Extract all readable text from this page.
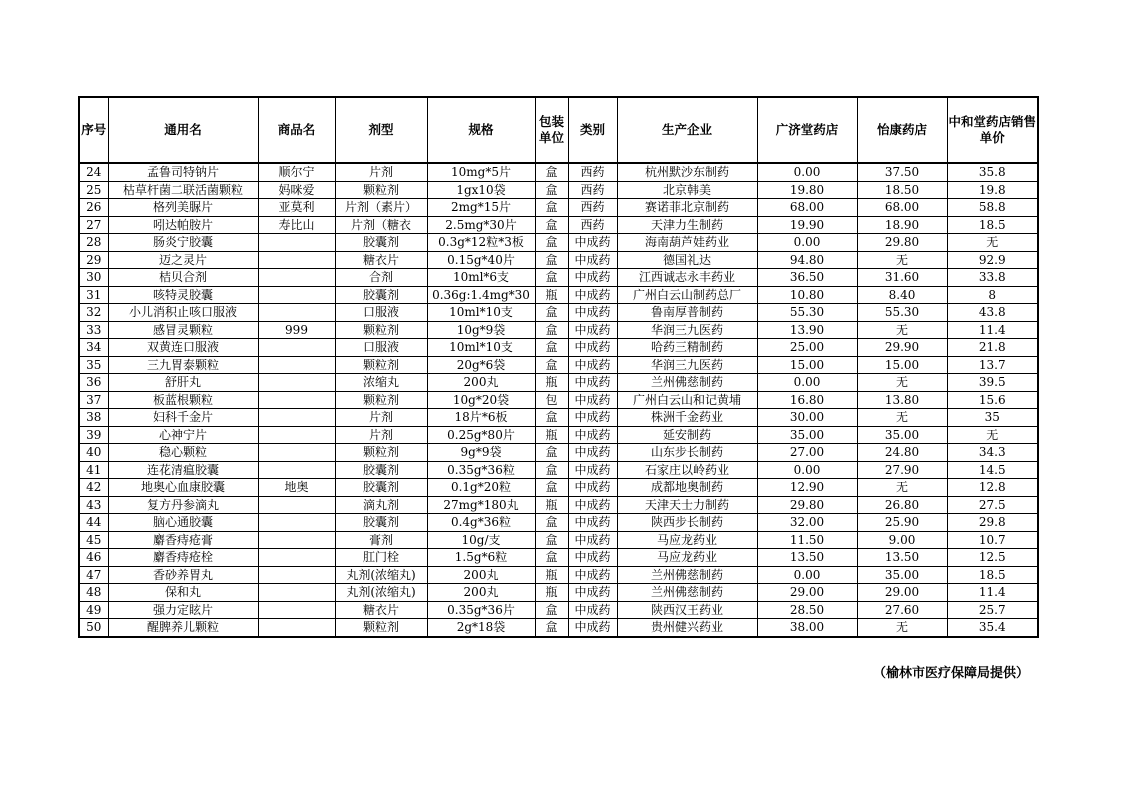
序号	通用名	商品名	剂型	规格	包装单位	类别	生产企业	广济堂药店	怡康药店	中和堂药店销售单价
24	孟鲁司特钠片	顺尔宁	片剂	10mg*5片	盒	西药	杭州默沙东制药	0.00	37.50	35.8
25	枯草杆菌二联活菌颗粒	妈咪爱	颗粒剂	1gx10袋	盒	西药	北京韩美	19.80	18.50	19.8
26	格列美脲片	亚莫利	片剂（素片）	2mg*15片	盒	西药	赛诺菲北京制药	68.00	68.00	58.8
27	吲达帕胺片	寿比山	片剂（糖衣	2.5mg*30片	盒	西药	天津力生制药	19.90	18.90	18.5
28	肠炎宁胶囊		胶囊剂	0.3g*12粒*3板	盒	中成药	海南葫芦娃药业	0.00	29.80	无
29	迈之灵片		糖衣片	0.15g*40片	盒	中成药	德国礼达	94.80	无	92.9
30	桔贝合剂		合剂	10ml*6支	盒	中成药	江西诚志永丰药业	36.50	31.60	33.8
31	咳特灵胶囊		胶囊剂	0.36g:1.4mg*30	瓶	中成药	广州白云山制药总厂	10.80	8.40	8
32	小儿消积止咳口服液		口服液	10ml*10支	盒	中成药	鲁南厚普制药	55.30	55.30	43.8
33	感冒灵颗粒	999	颗粒剂	10g*9袋	盒	中成药	华润三九医药	13.90	无	11.4
34	双黄连口服液		口服液	10ml*10支	盒	中成药	哈药三精制药	25.00	29.90	21.8
35	三九胃泰颗粒		颗粒剂	20g*6袋	盒	中成药	华润三九医药	15.00	15.00	13.7
36	舒肝丸		浓缩丸	200丸	瓶	中成药	兰州佛慈制药	0.00	无	39.5
37	板蓝根颗粒		颗粒剂	10g*20袋	包	中成药	广州白云山和记黄埔	16.80	13.80	15.6
38	妇科千金片		片剂	18片*6板	盒	中成药	株洲千金药业	30.00	无	35
39	心神宁片		片剂	0.25g*80片	瓶	中成药	延安制药	35.00	35.00	无
40	稳心颗粒		颗粒剂	9g*9袋	盒	中成药	山东步长制药	27.00	24.80	34.3
41	连花清瘟胶囊		胶囊剂	0.35g*36粒	盒	中成药	石家庄以岭药业	0.00	27.90	14.5
42	地奥心血康胶囊	地奥	胶囊剂	0.1g*20粒	盒	中成药	成都地奥制药	12.90	无	12.8
43	复方丹参滴丸		滴丸剂	27mg*180丸	瓶	中成药	天津天士力制药	29.80	26.80	27.5
44	脑心通胶囊		胶囊剂	0.4g*36粒	盒	中成药	陕西步长制药	32.00	25.90	29.8
45	麝香痔疮膏		膏剂	10g/支	盒	中成药	马应龙药业	11.50	9.00	10.7
46	麝香痔疮栓		肛门栓	1.5g*6粒	盒	中成药	马应龙药业	13.50	13.50	12.5
47	香砂养胃丸		丸剂(浓缩丸)	200丸	瓶	中成药	兰州佛慈制药	0.00	35.00	18.5
48	保和丸		丸剂(浓缩丸)	200丸	瓶	中成药	兰州佛慈制药	29.00	29.00	11.4
49	强力定眩片		糖衣片	0.35g*36片	盒	中成药	陕西汉王药业	28.50	27.60	25.7
50	醒脾养儿颗粒		颗粒剂	2g*18袋	盒	中成药	贵州健兴药业	38.00	无	35.4
（榆林市医疗保障局提供）
